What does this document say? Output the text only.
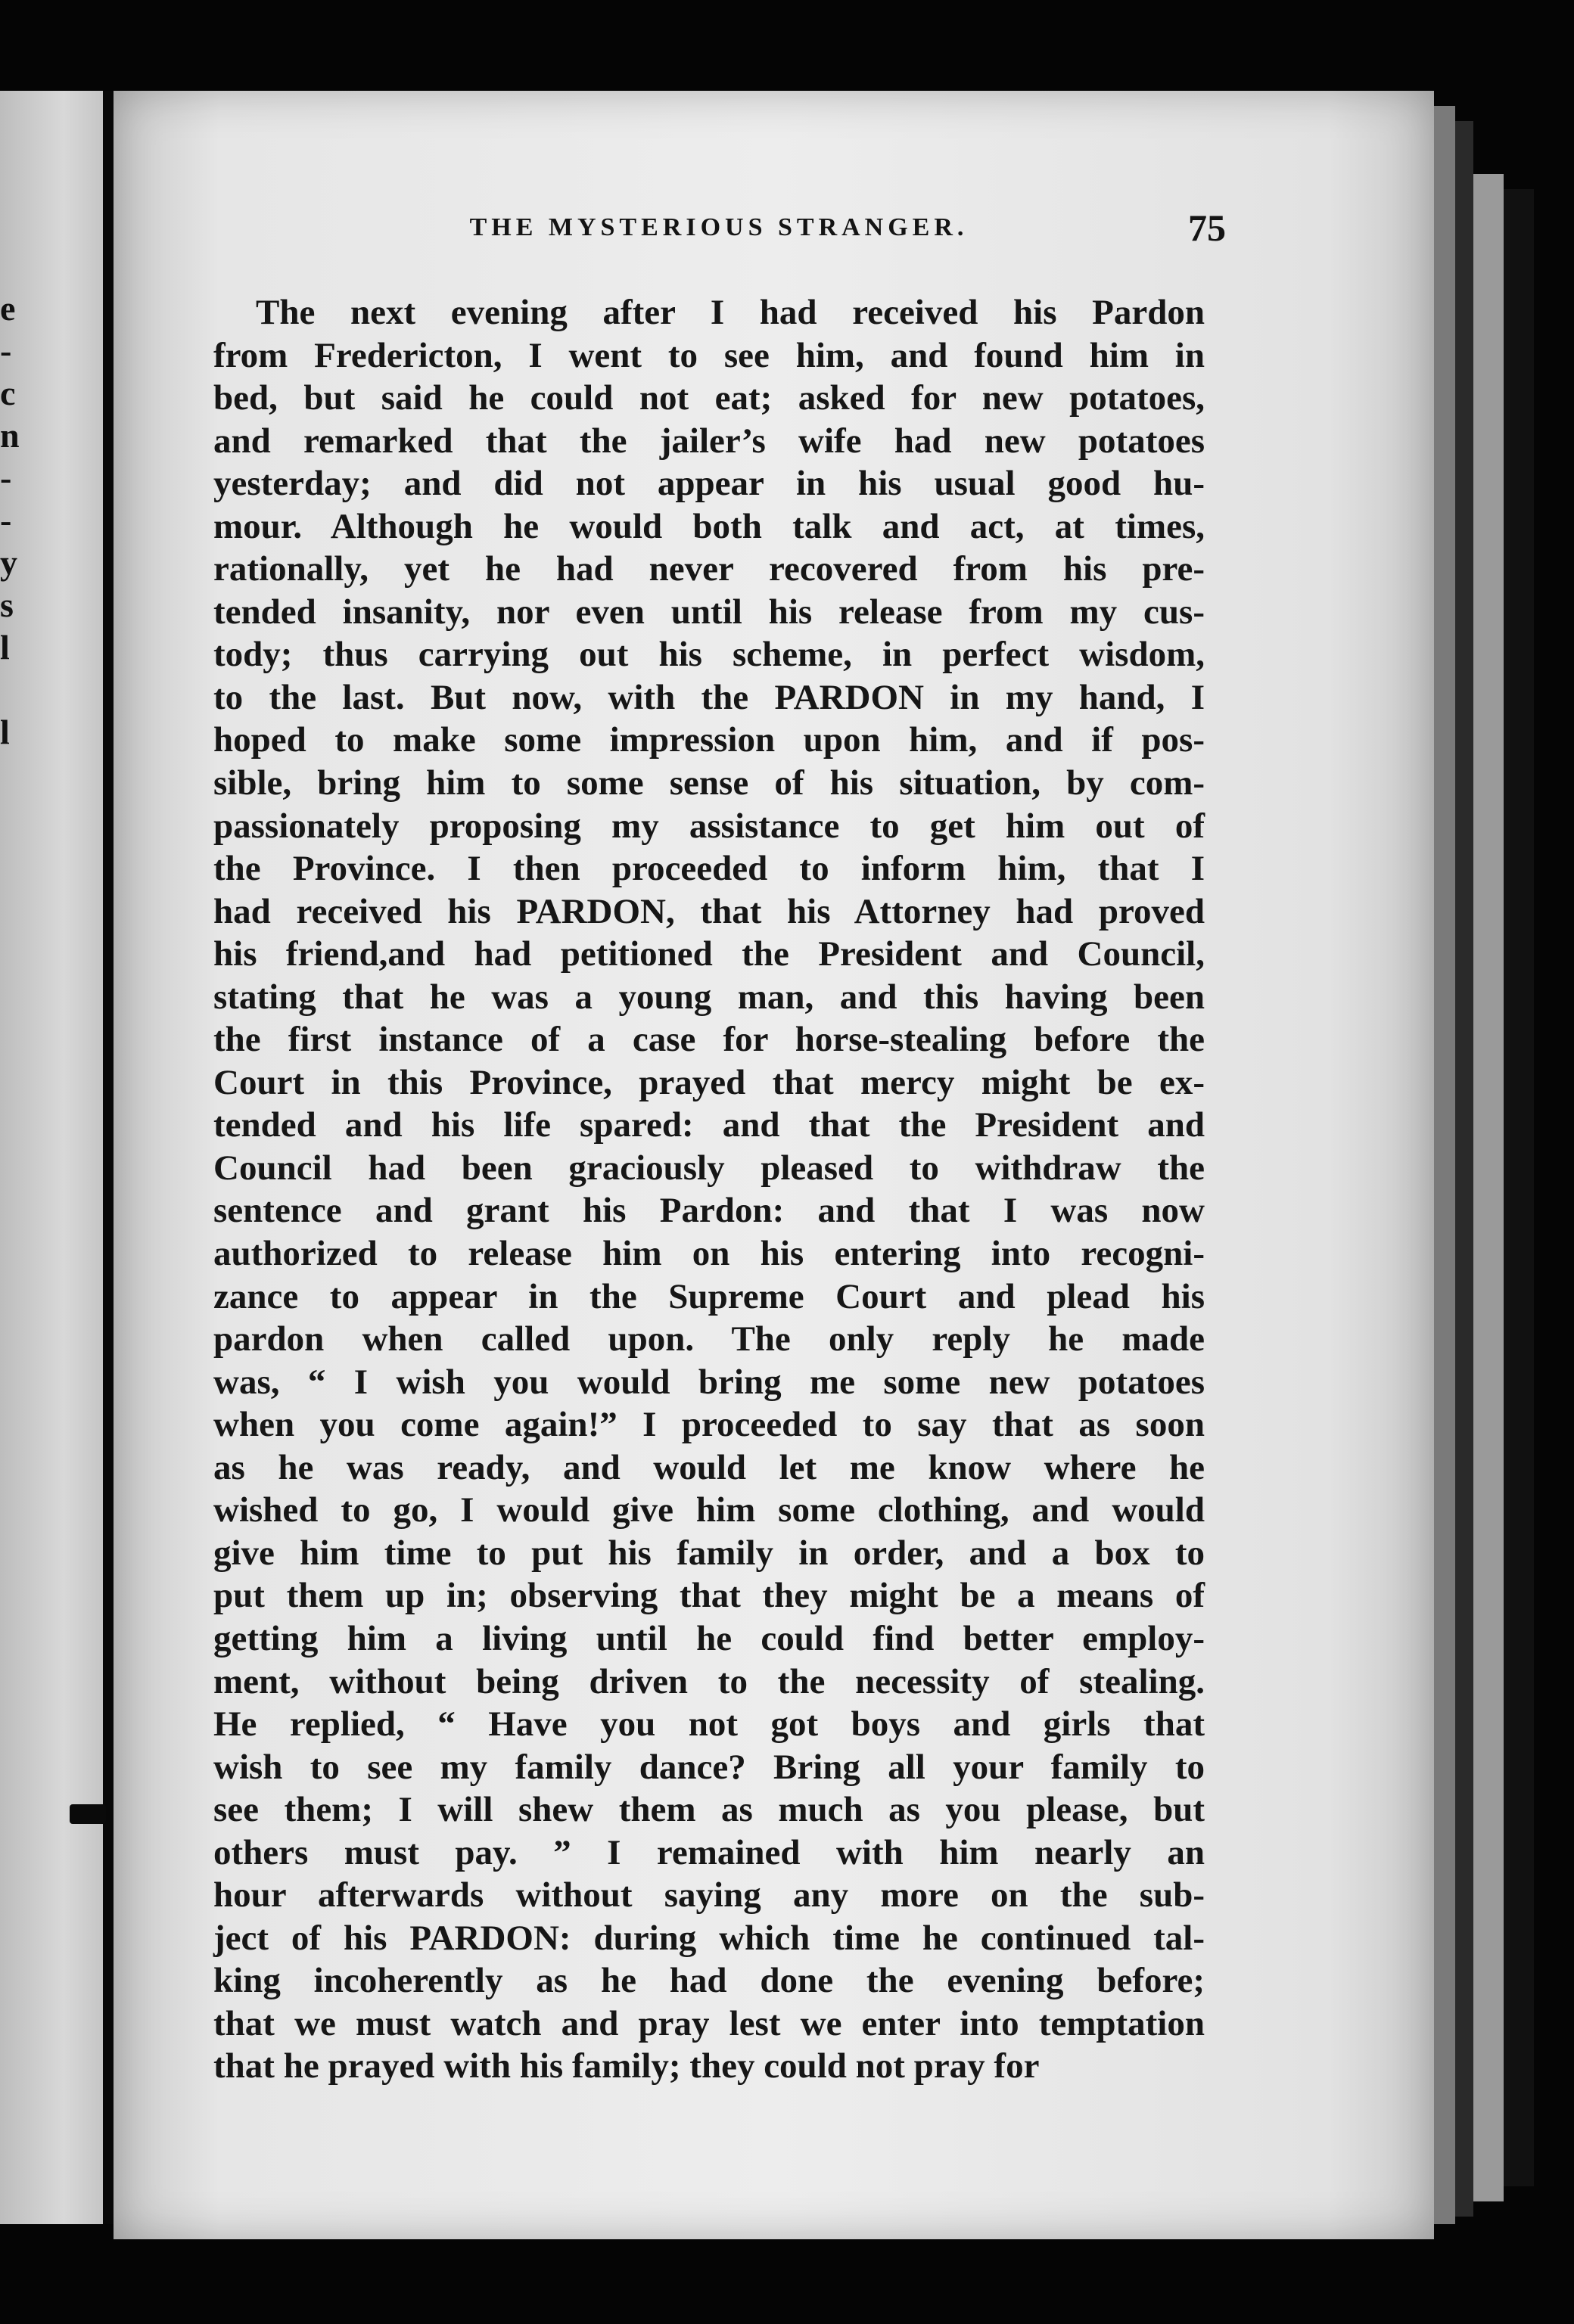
e
-
c
n
-
-
y
s
l
l
THE MYSTERIOUS STRANGER.	75
The next evening after I had received his Pardon
from Fredericton, I went to see him, and found him in
bed, but said he could not eat; asked for new potatoes,
and remarked that the jailer’s wife had new potatoes
yesterday; and did not appear in his usual good hu-
mour. Although he would both talk and act, at times,
rationally, yet he had never recovered from his pre-
tended insanity, nor even until his release from my cus-
tody; thus carrying out his scheme, in perfect wisdom,
to the last. But now, with the PARDON in my hand, I
hoped to make some impression upon him, and if pos-
sible, bring him to some sense of his situation, by com-
passionately proposing my assistance to get him out of
the Province. I then proceeded to inform him, that I
had received his PARDON, that his Attorney had proved
his friend,and had petitioned the President and Council,
stating that he was a young man, and this having been
the first instance of a case for horse-stealing before the
Court in this Province, prayed that mercy might be ex-
tended and his life spared: and that the President and
Council had been graciously pleased to withdraw the
sentence and grant his Pardon: and that I was now
authorized to release him on his entering into recogni-
zance to appear in the Supreme Court and plead his
pardon when called upon. The only reply he made
was, “ I wish you would bring me some new potatoes
when you come again!” I proceeded to say that as soon
as he was ready, and would let me know where he
wished to go, I would give him some clothing, and would
give him time to put his family in order, and a box to
put them up in; observing that they might be a means of
getting him a living until he could find better employ-
ment, without being driven to the necessity of stealing.
He replied, “ Have you not got boys and girls that
wish to see my family dance? Bring all your family to
see them; I will shew them as much as you please, but
others must pay. ” I remained with him nearly an
hour afterwards without saying any more on the sub-
ject of his PARDON: during which time he continued tal-
king incoherently as he had done the evening before;
that we must watch and pray lest we enter into temptation
that he prayed with his family; they could not pray for
